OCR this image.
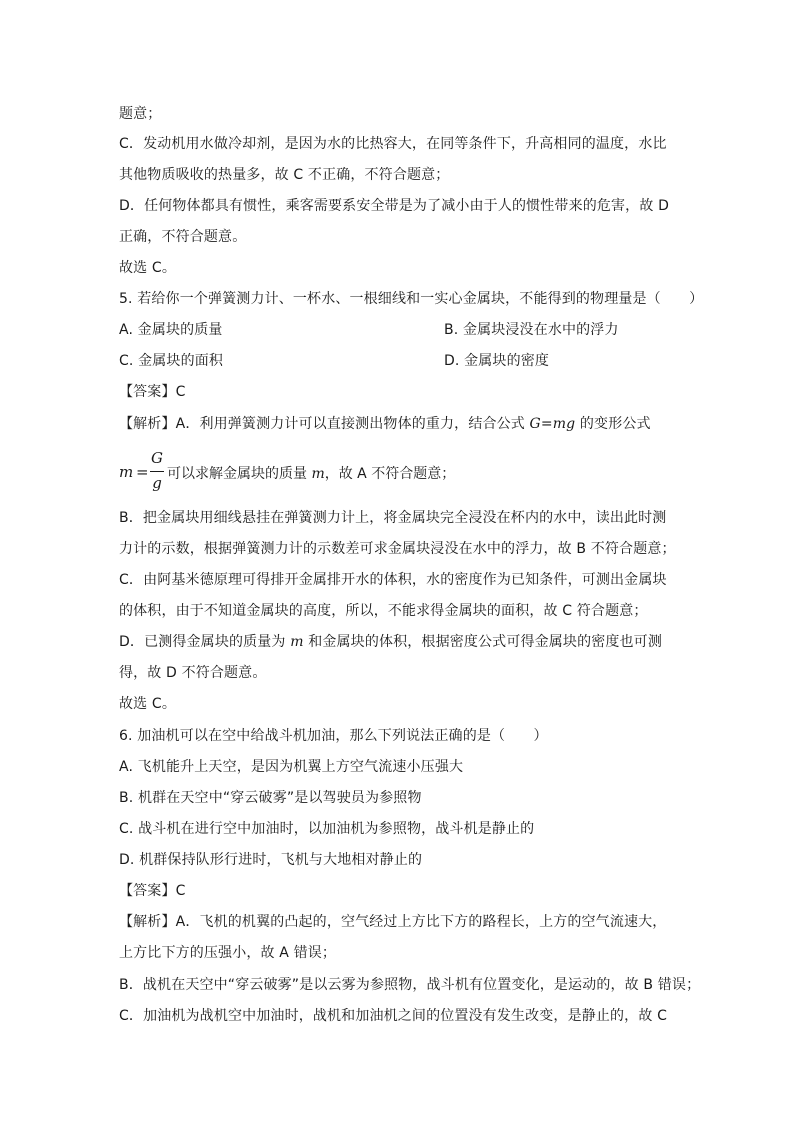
题意；
C．发动机用水做冷却剂，是因为水的比热容大，在同等条件下，升高相同的温度，水比
其他物质吸收的热量多，故 C 不正确，不符合题意；
D．任何物体都具有惯性，乘客需要系安全带是为了减小由于人的惯性带来的危害，故 D
正确，不符合题意。
故选 C。
5. 若给你一个弹簧测力计、一杯水、一根细线和一实心金属块，不能得到的物理量是（　　）
A. 金属块的质量	B. 金属块浸没在水中的浮力
C. 金属块的面积	D. 金属块的密度
【答案】C
【解析】A．利用弹簧测力计可以直接测出物体的重力，结合公式 G=mg 的变形公式
m =
G
g 可以求解金属块的质量 m，故 A 不符合题意；
B．把金属块用细线悬挂在弹簧测力计上，将金属块完全浸没在杯内的水中，读出此时测
力计的示数，根据弹簧测力计的示数差可求金属块浸没在水中的浮力，故 B 不符合题意；
C．由阿基米德原理可得排开金属排开水的体积，水的密度作为已知条件，可测出金属块
的体积，由于不知道金属块的高度，所以，不能求得金属块的面积，故 C 符合题意；
D．已测得金属块的质量为 m 和金属块的体积，根据密度公式可得金属块的密度也可测
得，故 D 不符合题意。
故选 C。
6. 加油机可以在空中给战斗机加油，那么下列说法正确的是（　　）
A. 飞机能升上天空，是因为机翼上方空气流速小压强大
B. 机群在天空中“穿云破雾”是以驾驶员为参照物
C. 战斗机在进行空中加油时，以加油机为参照物，战斗机是静止的
D. 机群保持队形行进时，飞机与大地相对静止的
【答案】C
【解析】A．飞机的机翼的凸起的，空气经过上方比下方的路程长，上方的空气流速大，
上方比下方的压强小，故 A 错误；
B．战机在天空中“穿云破雾”是以云雾为参照物，战斗机有位置变化，是运动的，故 B 错误；
C．加油机为战机空中加油时，战机和加油机之间的位置没有发生改变，是静止的，故 C
